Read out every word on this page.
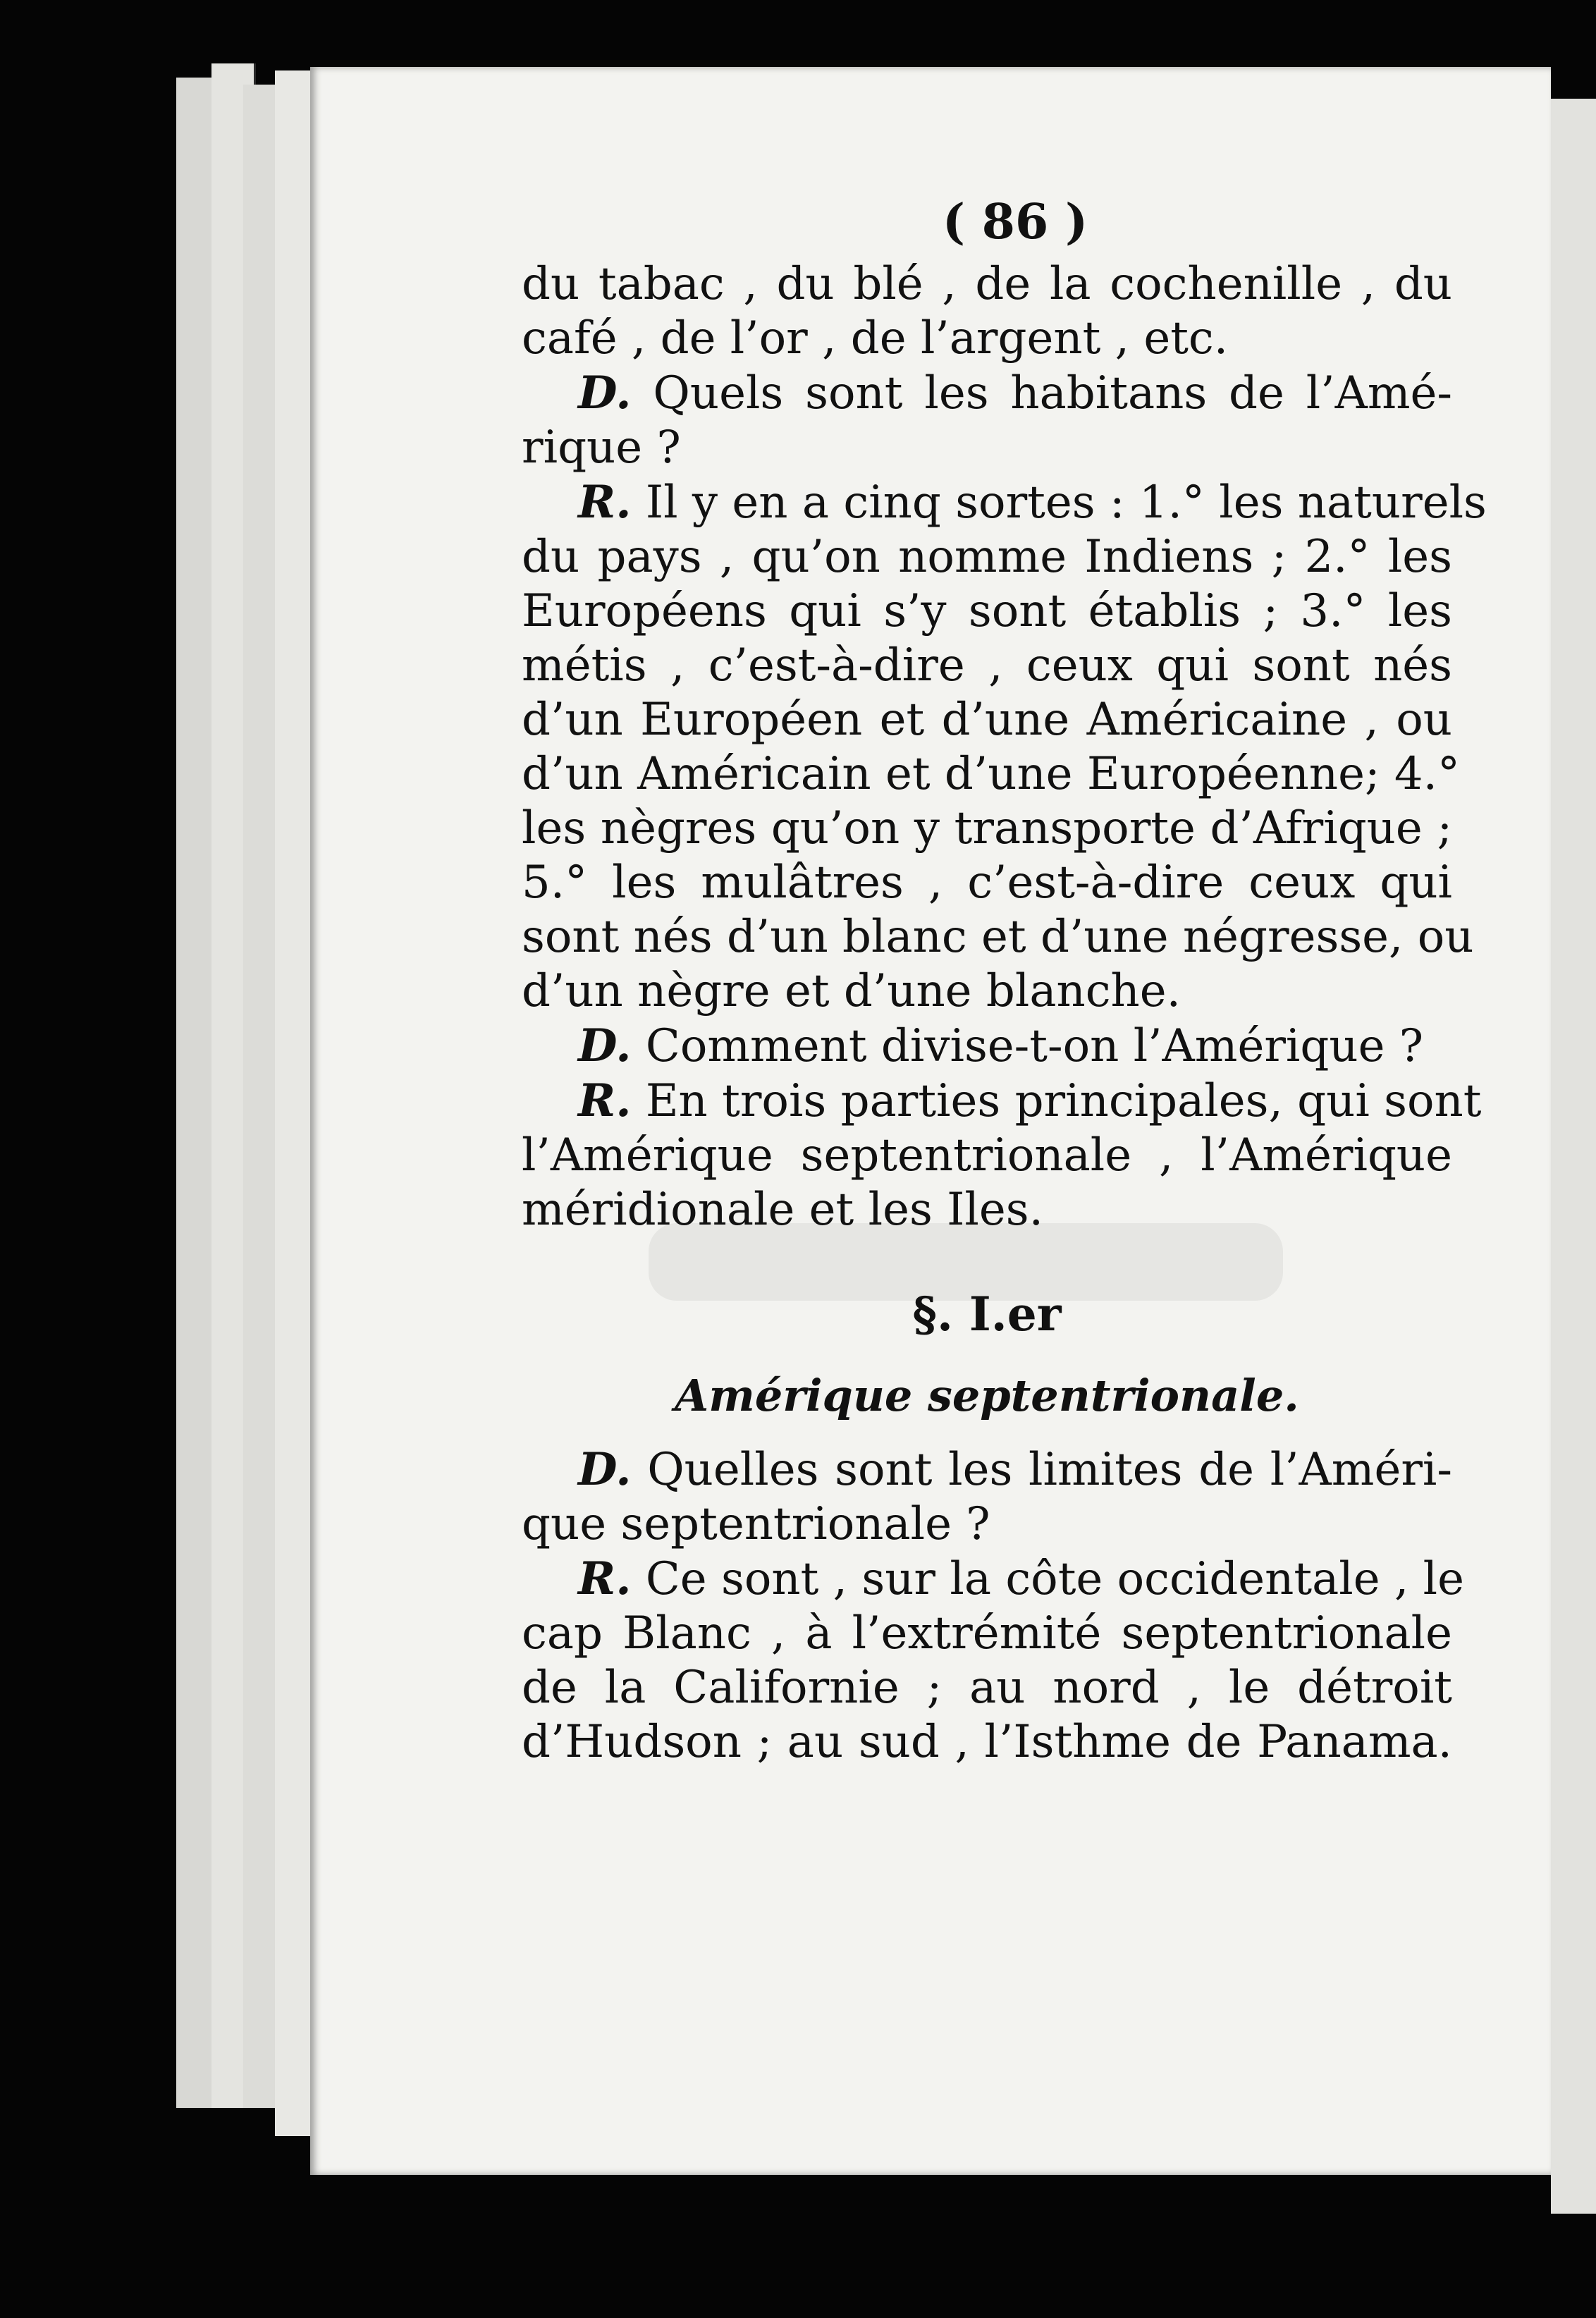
( 86 )
du tabac , du blé , de la cochenille , du
café , de l’or , de l’argent , etc.
D. Quels sont les habitans de l’Amé-
rique ?
R. Il y en a cinq sortes : 1.° les naturels
du pays , qu’on nomme Indiens ; 2.° les
Européens qui s’y sont établis ; 3.° les
métis , c’est-à-dire , ceux qui sont nés
d’un Européen et d’une Américaine , ou
d’un Américain et d’une Européenne; 4.°
les nègres qu’on y transporte d’Afrique ;
5.° les mulâtres , c’est-à-dire ceux qui
sont nés d’un blanc et d’une négresse, ou
d’un nègre et d’une blanche.
D. Comment divise-t-on l’Amérique ?
R. En trois parties principales, qui sont
l’Amérique septentrionale , l’Amérique
méridionale et les Iles.
§. I.er
Amérique septentrionale.
D. Quelles sont les limites de l’Améri-
que septentrionale ?
R. Ce sont , sur la côte occidentale , le
cap Blanc , à l’extrémité septentrionale
de la Californie ; au nord , le détroit
d’Hudson ; au sud , l’Isthme de Panama.
